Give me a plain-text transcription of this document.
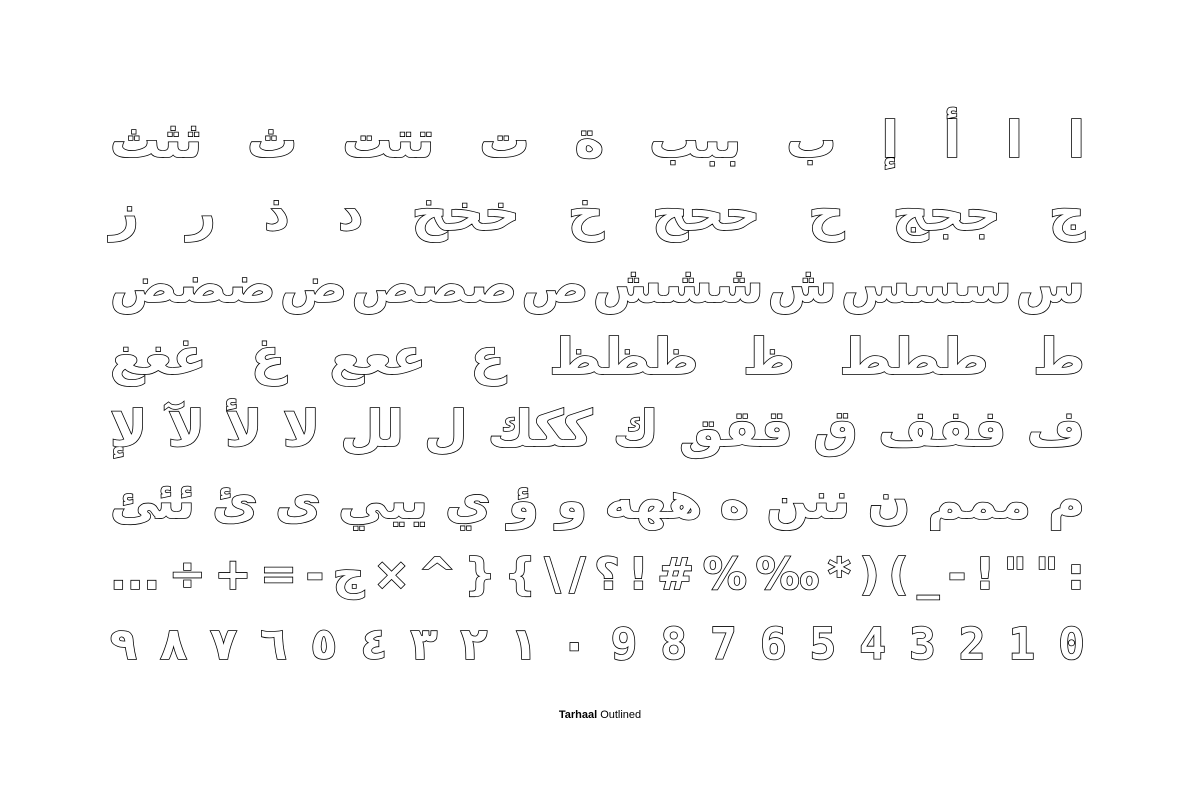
ا
ا
أ
إ
ب
ببب
ة
ت
تتت
ث
ثثث
ج
ججج
ح
ححح
خ
خخخ
د
ذ
ر
ز
س
سسس
ش
ششش
ص
صصص
ض
ضضض
ط
ططط
ظ
ظظظ
ع
ععع
غ
غغغ
ف
ففف
ق
ققق
ك
ككك
ل
لل
لا
لأ
لآ
لإ
م
ممم
ن
ننن
ه
ههه
و
ؤ
ي
ييي
ى
ئ
ئئئ
:
"
"
!
-
_
(
)
*
‰
%
#
!
؟
/
\
{
}
^
×
ج
-
=
+
÷
...
0
1
2
3
4
5
6
7
8
9
٠
١
٢
٣
٤
٥
٦
٧
٨
٩
Tarhaal Outlined
